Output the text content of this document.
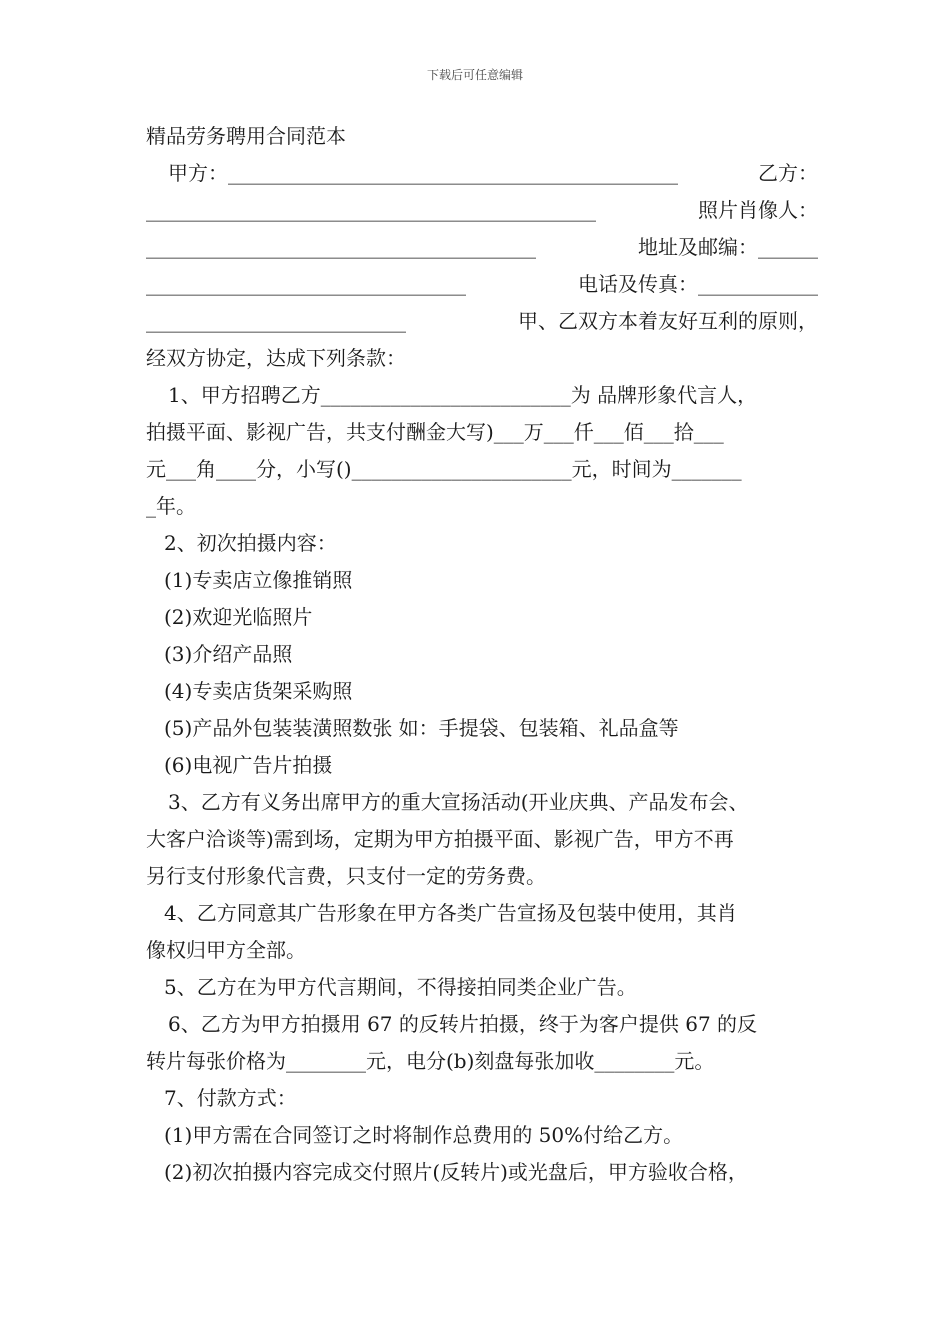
下载后可任意编辑
精品劳务聘用合同范本
甲方：_____________________________________________	乙方：
_____________________________________________	照片肖像人：
_______________________________________	地址及邮编：______
________________________________	电话及传真：____________
__________________________	甲、乙双方本着友好互利的原则，
经双方协定，达成下列条款：
1、甲方招聘乙方_________________________为 品牌形象代言人，
拍摄平面、影视广告，共支付酬金大写)___万___仟___佰___拾___
元___角____分，小写()______________________元，时间为_______
_年。
2、初次拍摄内容：
(1)专卖店立像推销照
(2)欢迎光临照片
(3)介绍产品照
(4)专卖店货架采购照
(5)产品外包装装潢照数张 如：手提袋、包装箱、礼品盒等
(6)电视广告片拍摄
3、乙方有义务出席甲方的重大宣扬活动(开业庆典、产品发布会、
大客户洽谈等)需到场，定期为甲方拍摄平面、影视广告，甲方不再
另行支付形象代言费，只支付一定的劳务费。
4、乙方同意其广告形象在甲方各类广告宣扬及包装中使用，其肖
像权归甲方全部。
5、乙方在为甲方代言期间，不得接拍同类企业广告。
6、乙方为甲方拍摄用 67 的反转片拍摄，终于为客户提供 67 的反
转片每张价格为________元，电分(b)刻盘每张加收________元。
7、付款方式：
(1)甲方需在合同签订之时将制作总费用的 50%付给乙方。
(2)初次拍摄内容完成交付照片(反转片)或光盘后，甲方验收合格，
